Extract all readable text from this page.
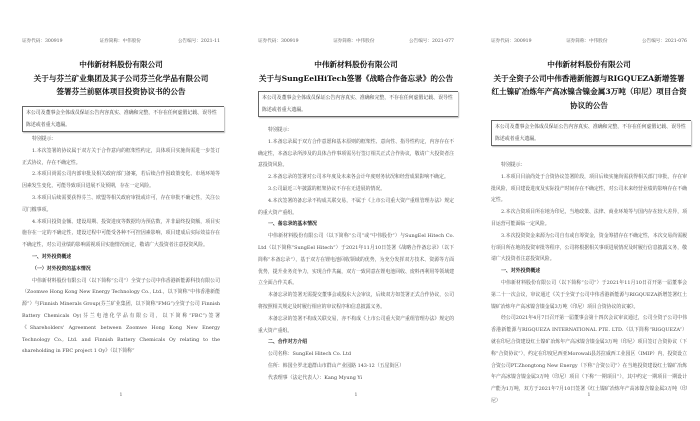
证券代码：300919	证券简称：中伟股份	公告编号：2021-11
中伟新材料股份有限公司
关于与芬兰矿业集团及其子公司芬兰化学品有限公司
签署芬兰前驱体项目投资协议书的公告
本公司及董事会全体成员保证公告内容真实、准确和完整，不存在任何虚假记载、误导性陈述或者重大遗漏。

特别提示：

1.本次签署的协议属于双方关于合作意向的框架性约定，具体项目实施尚需进一步签订正式协议，存在不确定性。

2.本项目尚需公司内部审批及相关政府部门备案，若后续合作因政策变化、市场环境等因素发生变化，可能导致项目进展不及预期，存在一定风险。

3.本项目后续需要获得芬兰、欧盟等相关政府审批或许可，存在审批不确定性，关注公司门槛事项。

4.本项目投资金额、建设周期、投资进度等数据均为预估数，并非最终投资额，项目实施存在一定的不确定性，建设过程中可能受各种不可控因素影响，项目建成后实际效益存在不确定性，对公司业绩的影响需视项目实施情况而定，敬请广大投资者注意投资风险。

一、对外投资概述

（一）对外投资的基本情况

中伟新材料股份有限公司（以下简称“公司”）全资子公司中伟香港新能源科技有限公司（Zoomwe Hong Kong New Energy Technology Co., Ltd.，以下简称“中伟香港新能源”）与Finnish Minerals Group(芬兰矿业集团，以下简称“FMG”)全资子公司 Finnish Battery Chemicals Oy(芬兰电池化学品有限公司，以下简称“FBC”)签署《Shareholders' Agreement between Zoomwe Hong Kong New Energy Technology Co., Ltd. and Finnish Battery Chemicals Oy relating to the shareholding in FBC project 1 Oy》（以下简称“

1
证券代码：300919	证券简称：中伟股份	公告编号：2021-077
中伟新材料股份有限公司
关于与SungEelHiTech签署《战略合作备忘录》的公告
本公司及董事会全体成员保证公告内容真实、准确和完整，不存在任何虚假记载、误导性陈述或者重大遗漏。

特别提示：

1.本备忘录属于双方合作意愿和基本原则的框架性、意向性、指导性约定，内容存在不确定性，本备忘录所涉及的具体合作事项需另行签订相关正式合作协议，敬请广大投资者注意投资风险。

2.本备忘录的签署对公司本年度及未来各会计年度财务状况和经营成果影响不确定。

3.公司最近三年披露的框架协议不存在无进展的情况。

4.本次签署的备忘录不构成关联交易，不属于《上市公司重大资产重组管理办法》规定的重大资产重组。

一、备忘录的基本情况

中伟新材料股份有限公司（以下简称“公司”或“中伟股份”）与SungEel Hitech Co. Ltd（以下简称“SungEel Hitech”）于2021年11月10日签署《战略合作备忘录》（以下简称“本备忘录”），基于双方在锂电池回收领域的优势，为充分发挥双方技术、资源等方面优势，提升业务竞争力，实现合作共赢，双方一致同意在锂电池回收、废料再利用等领域建立全面合作关系。

本备忘录的签署无需提交董事会或股东大会审议，后续双方如签署正式合作协议，公司将按照相关规定及时履行相应的审议程序和信息披露义务。

本备忘录的签署不构成关联交易，亦不构成《上市公司重大资产重组管理办法》规定的重大资产重组。

二、合作对方介绍

公司名称：SungEel Hitech Co. Ltd

住所：韩国全罗北道群山市群山产业园路 143-12（五星街区）

代表理事（法定代表人）：Kang Myung Yi

1
证券代码：300919	证券简称：中伟股份	公告编号：2021-076
中伟新材料股份有限公司
关于全资子公司中伟香港新能源与RIGQUEZA新增签署
红土镍矿冶炼年产高冰镍含镍金属3万吨（印尼）项目合资
协议的公告
本公司及董事会全体成员保证公告内容真实、准确和完整，不存在任何虚假记载、误导性陈述或者重大遗漏。

特别提示：

1.本项目目前尚处于合资协议签署阶段，项目后续实施尚需获得相关部门审批，存在审批风险，项目建设进度及实际投产时间存在不确定性，对公司未来经营业绩的影响存在不确定性。

2.本次合资项目所在地为印尼，当地政策、法律、商业环境等与国内存在较大差异，项目运营可能面临一定风险。

3.本次投资资金来源为公司自有或自筹资金，资金筹措存在不确定性，本次交易尚需履行项目所在地的投资审批等程序，公司将根据相关事项进展情况及时履行信息披露义务，敬请广大投资者注意投资风险。

一、对外投资概述

中伟新材料股份有限公司（以下简称“公司”）于2021年11月10日召开第一届董事会第二十一次会议，审议通过《关于全资子公司中伟香港新能源与RIGQUEZA新增签署红土镍矿冶炼年产高冰镍含镍金属3万吨（印尼）项目合资协议的议案》。

经公司2021年4月7日召开第一届董事会第十四次会议审议通过，公司全资子公司中伟香港新能源与RIGQUEZA INTERNATIONAL PTE. LTD.（以下简称“RIGQUEZA”）就在印尼合资建设红土镍矿冶炼年产高冰镍含镍金属3万吨（印尼）项目签订合资协议（下称“合资协议”），约定在印度尼西亚Morowali县苏拉威西工业园区（IMIP）内，投资设立合资公司PT.Zhongtong New Energy（下称“合资公司”）在当地投资建设红土镍矿冶炼年产高冰镍含镍金属3万吨（印尼）项目（下称“一期项目”），其中约定一期项目一期设计产能为1万吨，双方于2021年7月10日签署《红土镍矿冶炼年产高冰镍含镍金属3万吨（印尼）

1
